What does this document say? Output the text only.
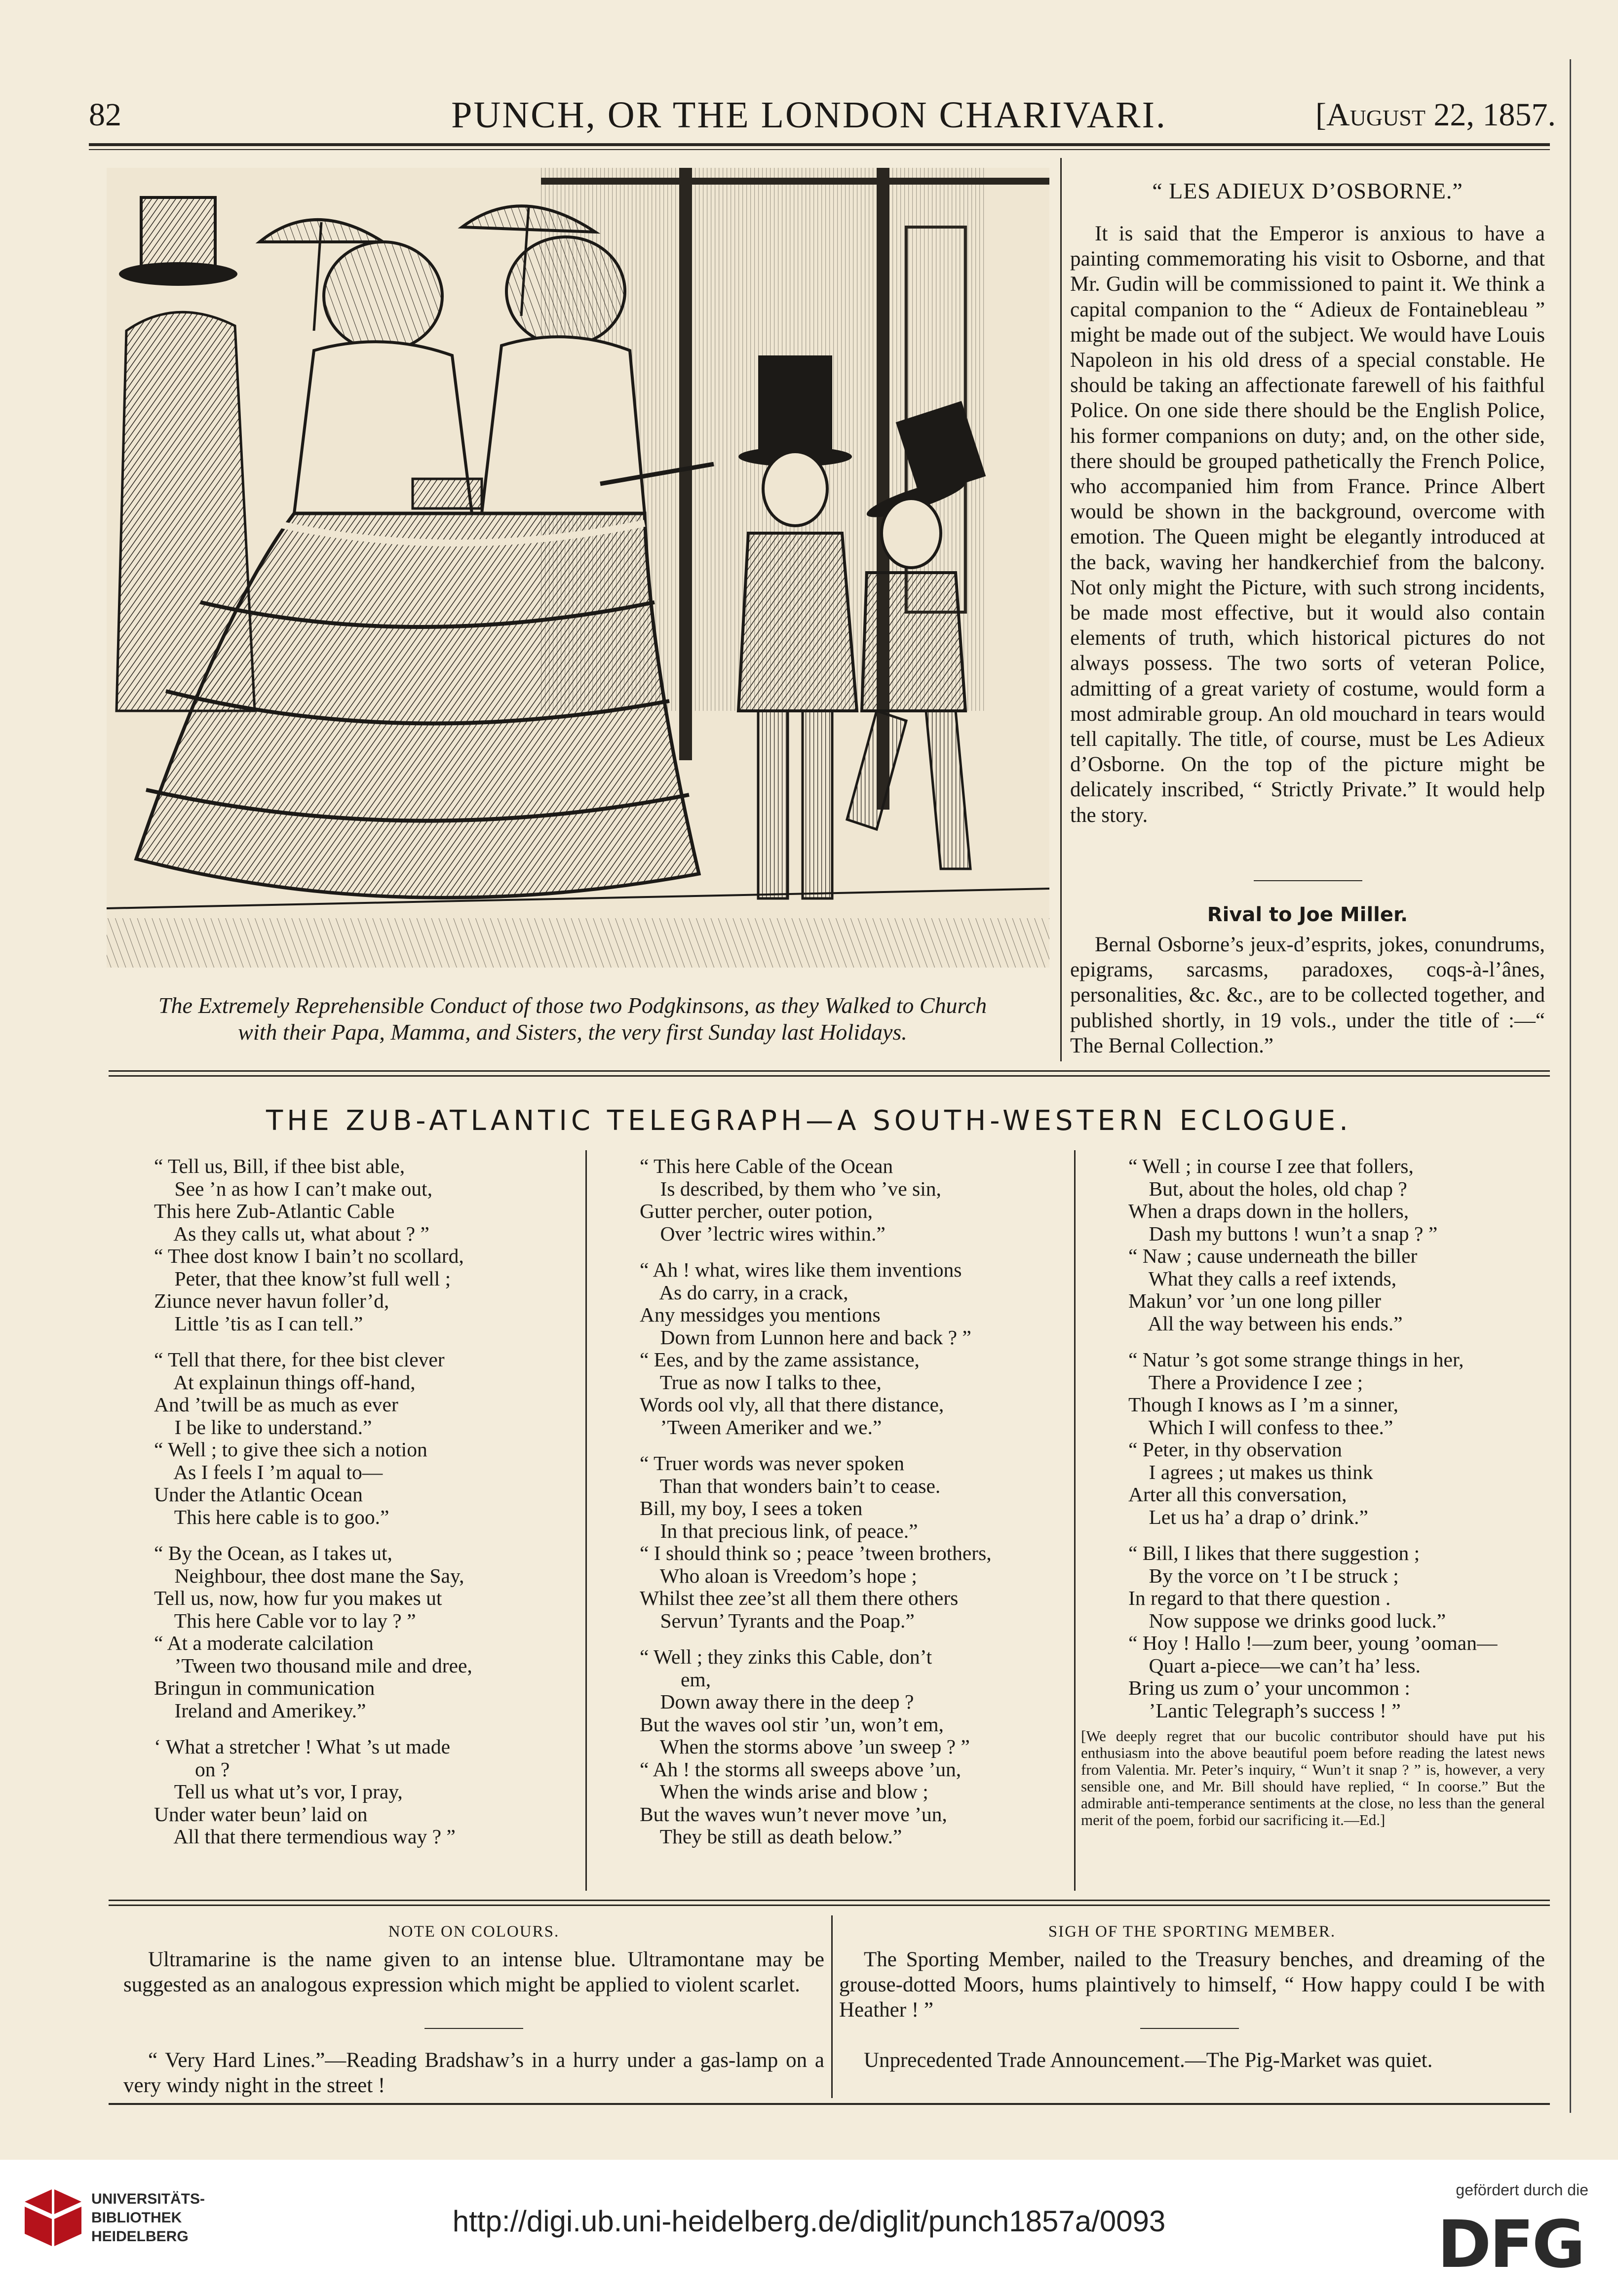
82	PUNCH, OR THE LONDON CHARIVARI.	[August 22, 1857.
The Extremely Reprehensible Conduct of those two Podgkinsons, as they Walked to Church
with their Papa, Mamma, and Sisters, the very first Sunday last Holidays.
“ LES ADIEUX D’OSBORNE.”

It is said that the Emperor is anxious to have a painting commemorating his visit to Osborne, and that Mr. Gudin will be commissioned to paint it. We think a capital companion to the “ Adieux de Fontainebleau ” might be made out of the subject. We would have Louis Napoleon in his old dress of a special constable. He should be taking an affectionate farewell of his faithful Police. On one side there should be the English Police, his former companions on duty; and, on the other side, there should be grouped pathetically the French Police, who accompanied him from France. Prince Albert would be shown in the background, overcome with emotion. The Queen might be elegantly introduced at the back, waving her handkerchief from the balcony. Not only might the Picture, with such strong incidents, be made most effective, but it would also contain elements of truth, which historical pictures do not always possess. The two sorts of veteran Police, admitting of a great variety of costume, would form a most admirable group. An old mouchard in tears would tell capitally. The title, of course, must be Les Adieux d’Osborne. On the top of the picture might be delicately inscribed, “ Strictly Private.” It would help the story.

Rival to Joe Miller.

Bernal Osborne’s jeux-d’esprits, jokes, conundrums, epigrams, sarcasms, paradoxes, coqs-à-l’ânes, personalities, &c. &c., are to be collected together, and published shortly, in 19 vols., under the title of :—“ The Bernal Collection.”

THE ZUB-ATLANTIC TELEGRAPH—A SOUTH-WESTERN ECLOGUE.
“ Tell us, Bill, if thee bist able,
See ’n as how I can’t make out,
This here Zub-Atlantic Cable
As they calls ut, what about ? ”
“ Thee dost know I bain’t no scollard,
Peter, that thee know’st full well ;
Ziunce never havun foller’d,
Little ’tis as I can tell.”
“ Tell that there, for thee bist clever
At explainun things off-hand,
And ’twill be as much as ever
I be like to understand.”
“ Well ; to give thee sich a notion
As I feels I ’m aqual to—
Under the Atlantic Ocean
This here cable is to goo.”
“ By the Ocean, as I takes ut,
Neighbour, thee dost mane the Say,
Tell us, now, how fur you makes ut
This here Cable vor to lay ? ”
“ At a moderate calcilation
’Tween two thousand mile and dree,
Bringun in communication
Ireland and Amerikey.”
‘ What a stretcher ! What ’s ut made
on ?
Tell us what ut’s vor, I pray,
Under water beun’ laid on
All that there termendious way ? ”
“ This here Cable of the Ocean
Is described, by them who ’ve sin,
Gutter percher, outer potion,
Over ’lectric wires within.”
“ Ah ! what, wires like them inventions
As do carry, in a crack,
Any messidges you mentions
Down from Lunnon here and back ? ”
“ Ees, and by the zame assistance,
True as now I talks to thee,
Words ool vly, all that there distance,
’Tween Ameriker and we.”
“ Truer words was never spoken
Than that wonders bain’t to cease.
Bill, my boy, I sees a token
In that precious link, of peace.”
“ I should think so ; peace ’tween brothers,
Who aloan is Vreedom’s hope ;
Whilst thee zee’st all them there others
Servun’ Tyrants and the Poap.”
“ Well ; they zinks this Cable, don’t
em,
Down away there in the deep ?
But the waves ool stir ’un, won’t em,
When the storms above ’un sweep ? ”
“ Ah ! the storms all sweeps above ’un,
When the winds arise and blow ;
But the waves wun’t never move ’un,
They be still as death below.”
“ Well ; in course I zee that follers,
But, about the holes, old chap ?
When a draps down in the hollers,
Dash my buttons ! wun’t a snap ? ”
“ Naw ; cause underneath the biller
What they calls a reef ixtends,
Makun’ vor ’un one long piller
All the way between his ends.”
“ Natur ’s got some strange things in her,
There a Providence I zee ;
Though I knows as I ’m a sinner,
Which I will confess to thee.”
“ Peter, in thy observation
I agrees ; ut makes us think
Arter all this conversation,
Let us ha’ a drap o’ drink.”
“ Bill, I likes that there suggestion ;
By the vorce on ’t I be struck ;
In regard to that there question .
Now suppose we drinks good luck.”
“ Hoy ! Hallo !—zum beer, young ’ooman—
Quart a-piece—we can’t ha’ less.
Bring us zum o’ your uncommon :
’Lantic Telegraph’s success ! ”
[We deeply regret that our bucolic contributor should have put his enthusiasm into the above beautiful poem before reading the latest news from Valentia. Mr. Peter’s inquiry, “ Wun’t it snap ? ” is, however, a very sensible one, and Mr. Bill should have replied, “ In coorse.” But the admirable anti-temperance sentiments at the close, no less than the general merit of the poem, forbid our sacrificing it.—Ed.]
NOTE ON COLOURS.

Ultramarine is the name given to an intense blue. Ultramontane may be suggested as an analogous expression which might be applied to violent scarlet.

“ Very Hard Lines.”—Reading Bradshaw’s in a hurry under a gas-lamp on a very windy night in the street !

SIGH OF THE SPORTING MEMBER.

The Sporting Member, nailed to the Treasury benches, and dreaming of the grouse-dotted Moors, hums plaintively to himself, “ How happy could I be with Heather ! ”

Unprecedented Trade Announcement.—The Pig-Market was quiet.

UNIVERSITÄTS-
BIBLIOTHEK
HEIDELBERG	http://digi.ub.uni-heidelberg.de/diglit/punch1857a/0093
gefördert durch die
DFG
